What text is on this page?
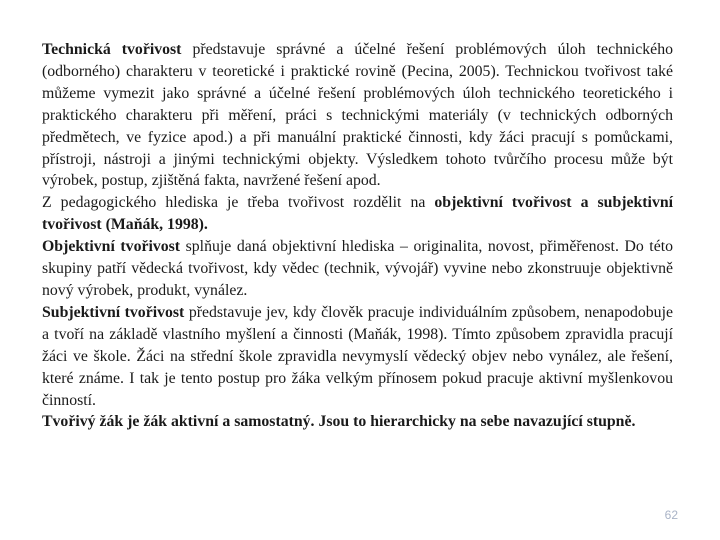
Technická tvořivost představuje správné a účelné řešení problémových úloh technického (odborného) charakteru v teoretické i praktické rovině (Pecina, 2005). Technickou tvořivost také můžeme vymezit jako správné a účelné řešení problémových úloh technického teoretického i praktického charakteru při měření, práci s technickými materiály (v technických odborných předmětech, ve fyzice apod.) a při manuální praktické činnosti, kdy žáci pracují s pomůckami, přístroji, nástroji a jinými technickými objekty. Výsledkem tohoto tvůrčího procesu může být výrobek, postup, zjištěná fakta, navržené řešení apod.

Z pedagogického hlediska je třeba tvořivost rozdělit na objektivní tvořivost a subjektivní tvořivost (Maňák, 1998).

Objektivní tvořivost splňuje daná objektivní hlediska – originalita, novost, přiměřenost. Do této skupiny patří vědecká tvořivost, kdy vědec (technik, vývojář) vyvine nebo zkonstruuje objektivně nový výrobek, produkt, vynález.

Subjektivní tvořivost představuje jev, kdy člověk pracuje individuálním způsobem, nenapodobuje a tvoří na základě vlastního myšlení a činnosti (Maňák, 1998). Tímto způsobem zpravidla pracují žáci ve škole. Žáci na střední škole zpravidla nevymyslí vědecký objev nebo vynález, ale řešení, které známe. I tak je tento postup pro žáka velkým přínosem pokud pracuje aktivní myšlenkovou činností.

Tvořivý žák je žák aktivní a samostatný. Jsou to hierarchicky na sebe navazující stupně.

62
